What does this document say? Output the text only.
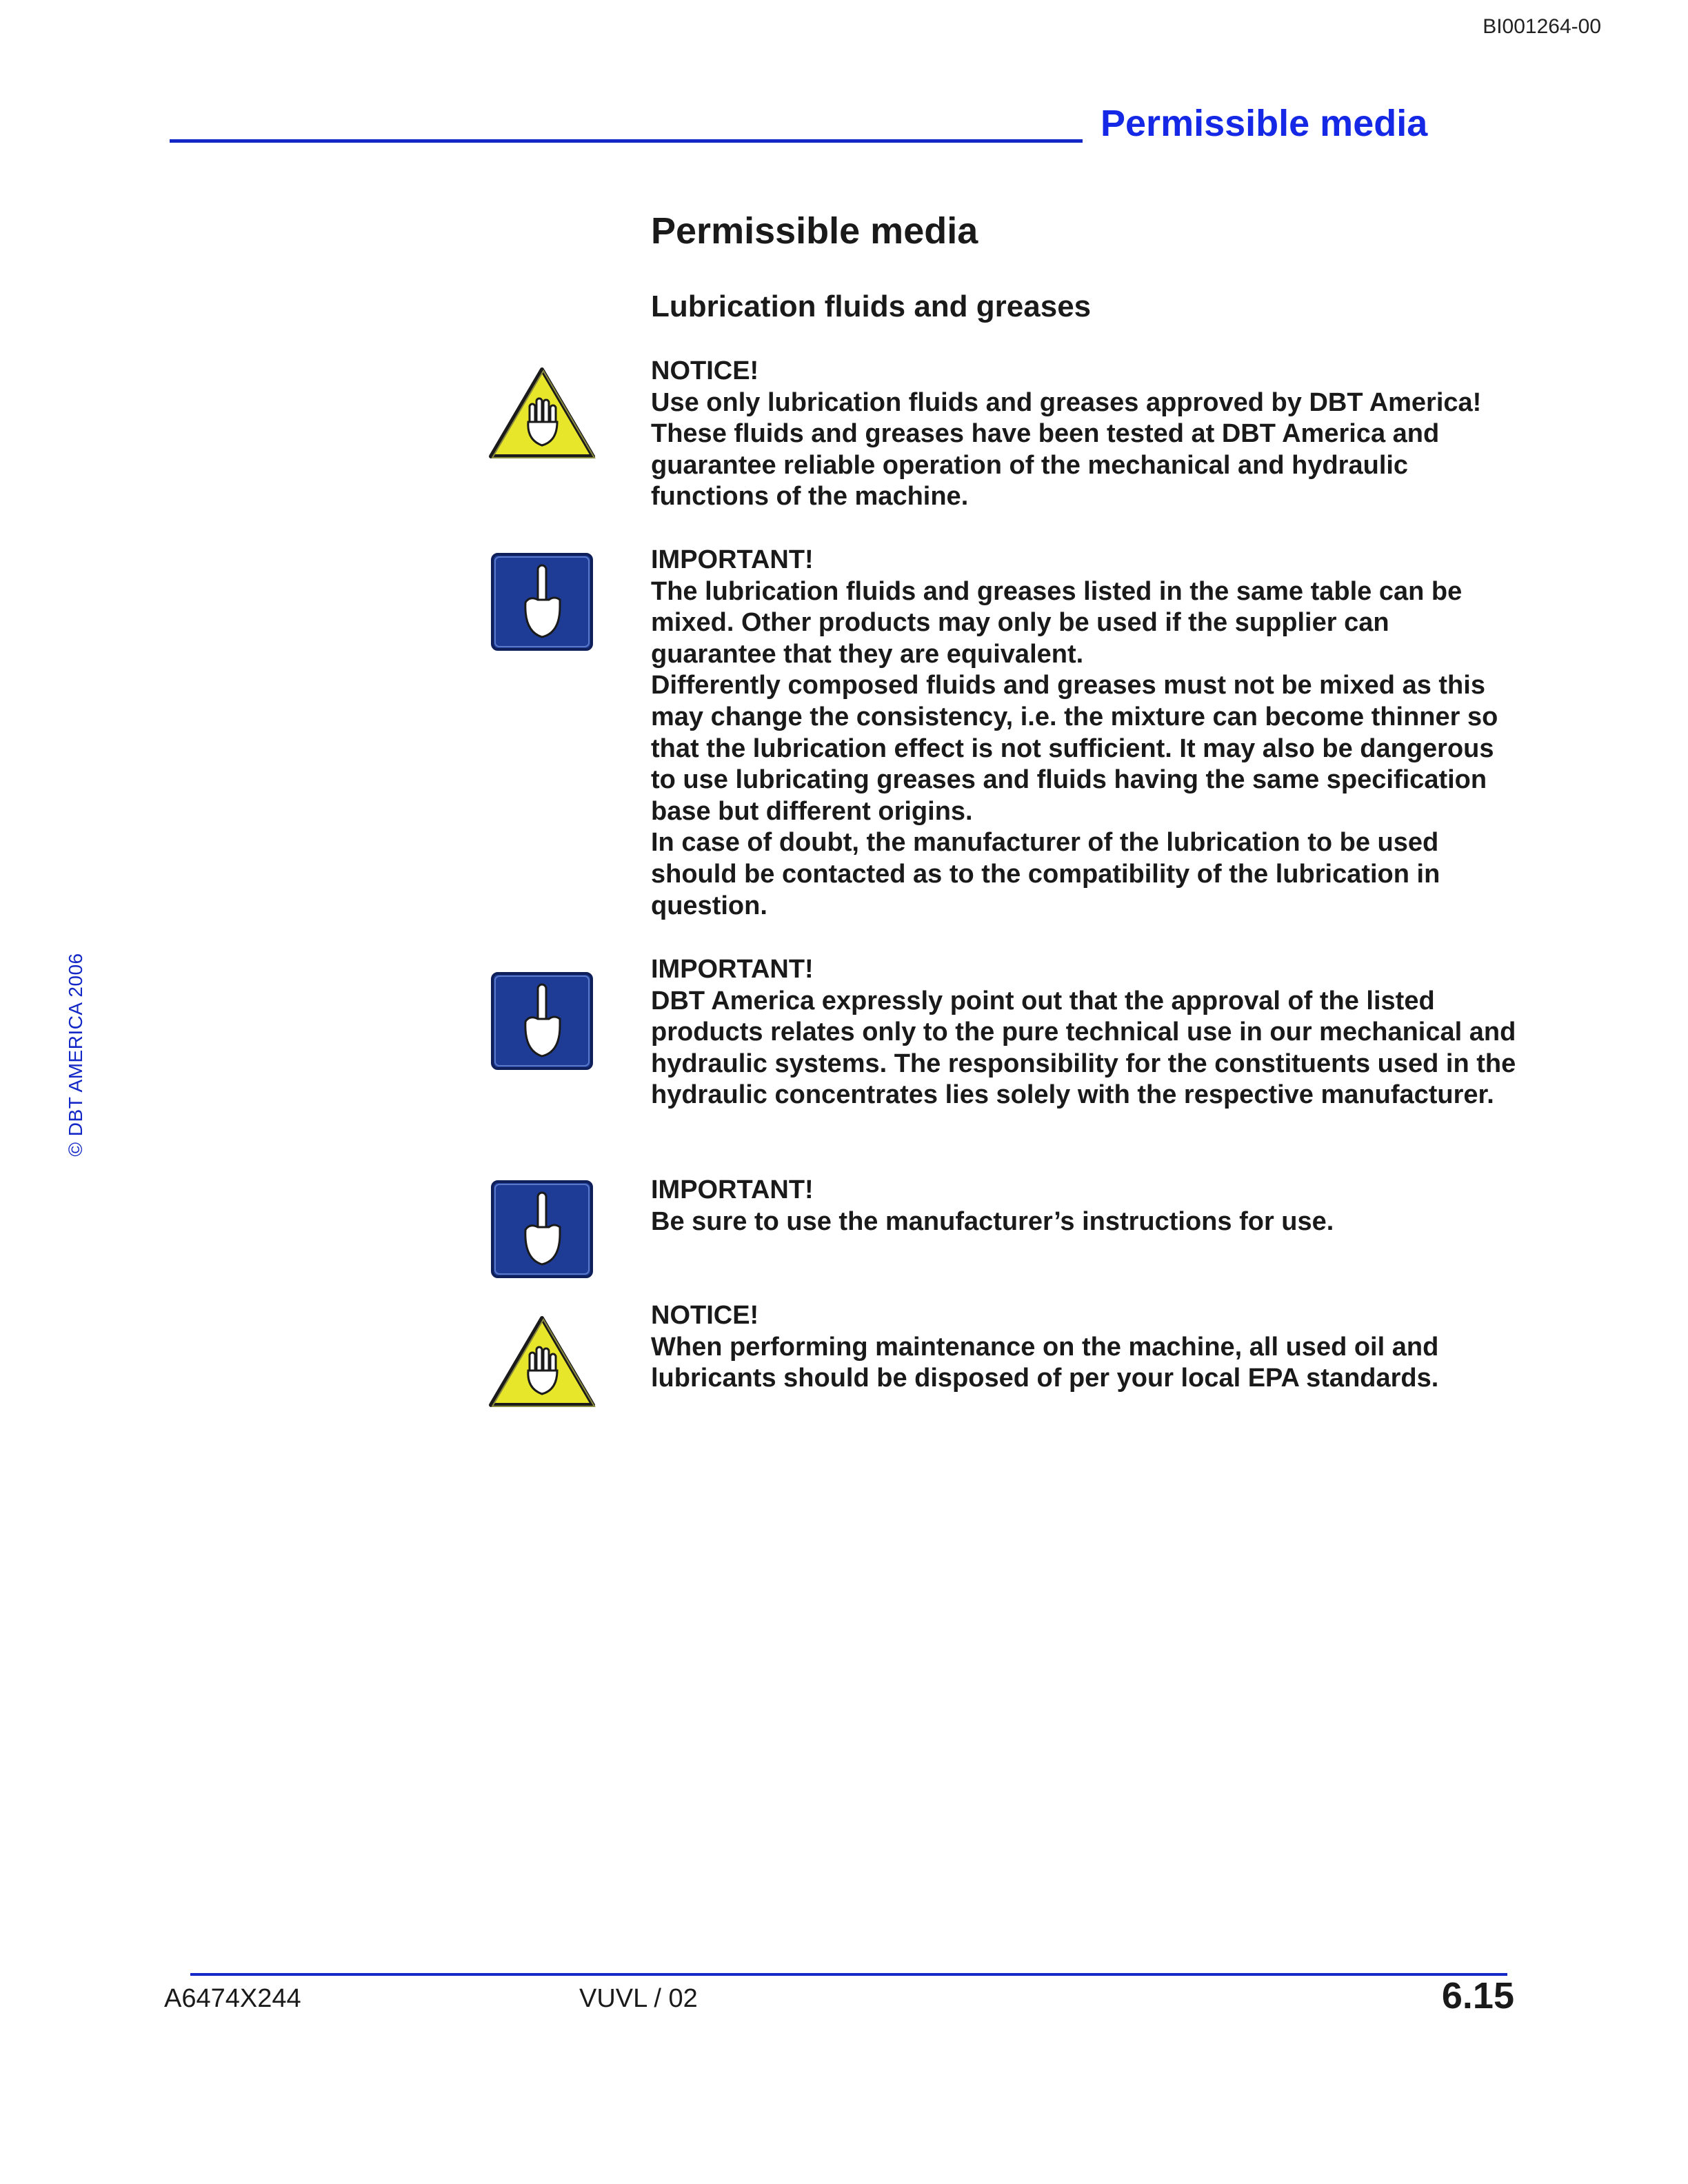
BI001264-00
Permissible media
© DBT AMERICA 2006
Permissible media
Lubrication fluids and greases
NOTICE!

Use only lubrication fluids and greases approved by DBT America! These fluids and greases have been tested at DBT America and guarantee reliable operation of the mechanical and hydraulic functions of the machine.

IMPORTANT!

The lubrication fluids and greases listed in the same table can be mixed. Other products may only be used if the supplier can guarantee that they are equivalent.

Differently composed fluids and greases must not be mixed as this may change the consistency, i.e. the mixture can become thinner so that the lubrication effect is not sufficient. It may also be dangerous to use lubricating greases and fluids having the same specification base but different origins.

In case of doubt, the manufacturer of the lubrication to be used should be contacted as to the compatibility of the lubrication in question.

IMPORTANT!

DBT America expressly point out that the approval of the listed products relates only to the pure technical use in our mechanical and hydraulic systems. The responsibility for the constituents used in the hydraulic concentrates lies solely with the respective manufacturer.

IMPORTANT!

Be sure to use the manufacturer’s instructions for use.

NOTICE!

When performing maintenance on the machine, all used oil and lubricants should be disposed of per your local EPA standards.

A6474X244	VUVL / 02	6.15
